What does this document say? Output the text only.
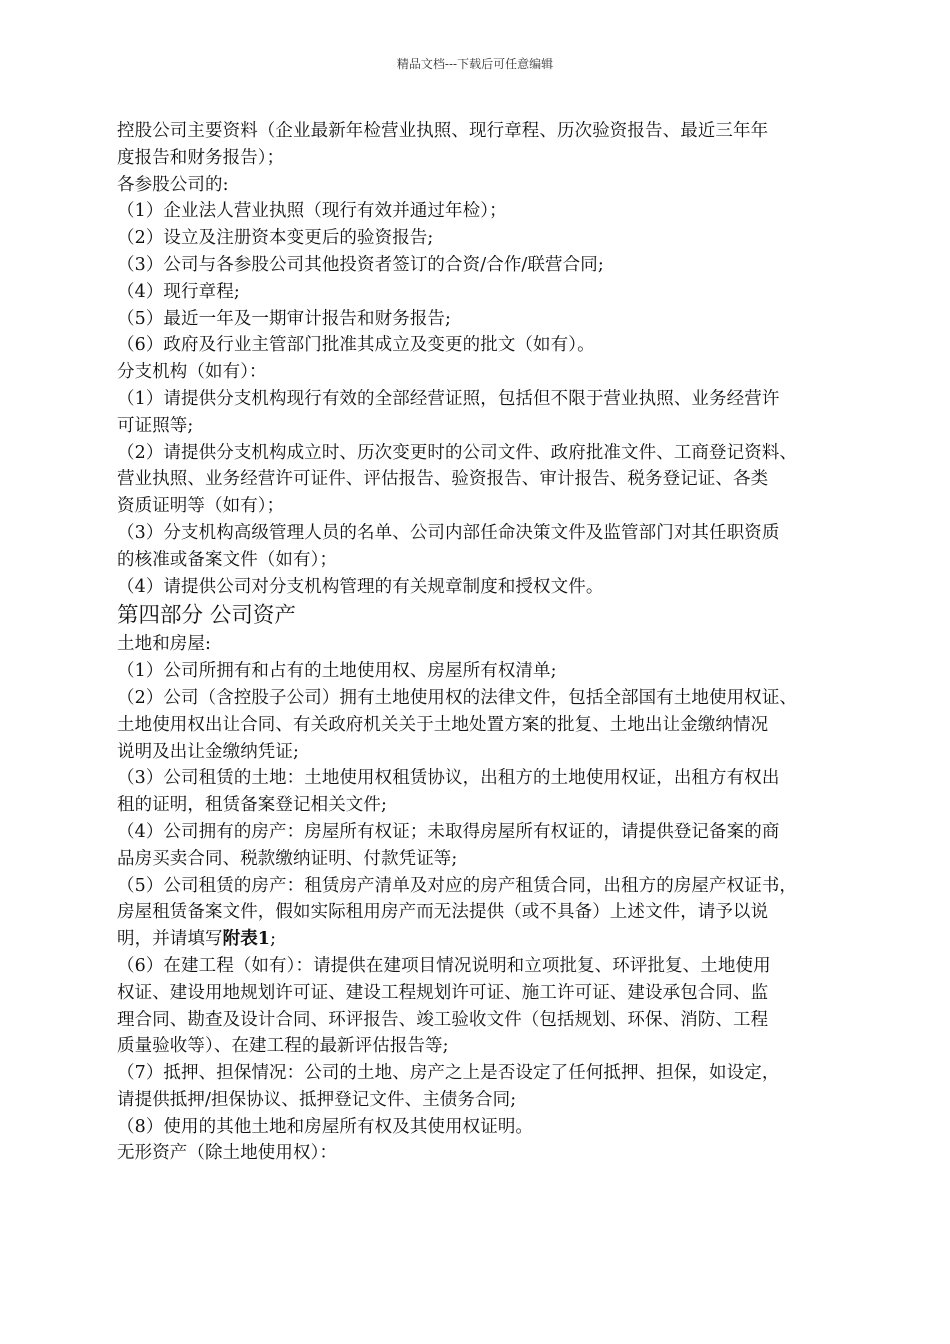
精品文档---下载后可任意编辑
控股公司主要资料（企业最新年检营业执照、现行章程、历次验资报告、最近三年年
度报告和财务报告）；
各参股公司的:
（1）企业法人营业执照（现行有效并通过年检）；
（2）设立及注册资本变更后的验资报告;
（3）公司与各参股公司其他投资者签订的合资/合作/联营合同;
（4）现行章程;
（5）最近一年及一期审计报告和财务报告;
（6）政府及行业主管部门批准其成立及变更的批文（如有）。
分支机构（如有）：
（1）请提供分支机构现行有效的全部经营证照，包括但不限于营业执照、业务经营许
可证照等;
（2）请提供分支机构成立时、历次变更时的公司文件、政府批准文件、工商登记资料、
营业执照、业务经营许可证件、评估报告、验资报告、审计报告、税务登记证、各类
资质证明等（如有）；
（3）分支机构高级管理人员的名单、公司内部任命决策文件及监管部门对其任职资质
的核准或备案文件（如有）；
（4）请提供公司对分支机构管理的有关规章制度和授权文件。
第四部分 公司资产
土地和房屋:
（1）公司所拥有和占有的土地使用权、房屋所有权清单;
（2）公司（含控股子公司）拥有土地使用权的法律文件，包括全部国有土地使用权证、
土地使用权出让合同、有关政府机关关于土地处置方案的批复、土地出让金缴纳情况
说明及出让金缴纳凭证;
（3）公司租赁的土地：土地使用权租赁协议，出租方的土地使用权证，出租方有权出
租的证明，租赁备案登记相关文件;
（4）公司拥有的房产：房屋所有权证；未取得房屋所有权证的，请提供登记备案的商
品房买卖合同、税款缴纳证明、付款凭证等;
（5）公司租赁的房产：租赁房产清单及对应的房产租赁合同，出租方的房屋产权证书，
房屋租赁备案文件，假如实际租用房产而无法提供（或不具备）上述文件，请予以说
明，并请填写附表1;
（6）在建工程（如有）：请提供在建项目情况说明和立项批复、环评批复、土地使用
权证、建设用地规划许可证、建设工程规划许可证、施工许可证、建设承包合同、监
理合同、勘查及设计合同、环评报告、竣工验收文件（包括规划、环保、消防、工程
质量验收等）、在建工程的最新评估报告等;
（7）抵押、担保情况：公司的土地、房产之上是否设定了任何抵押、担保，如设定，
请提供抵押/担保协议、抵押登记文件、主债务合同;
（8）使用的其他土地和房屋所有权及其使用权证明。
无形资产（除土地使用权）：
